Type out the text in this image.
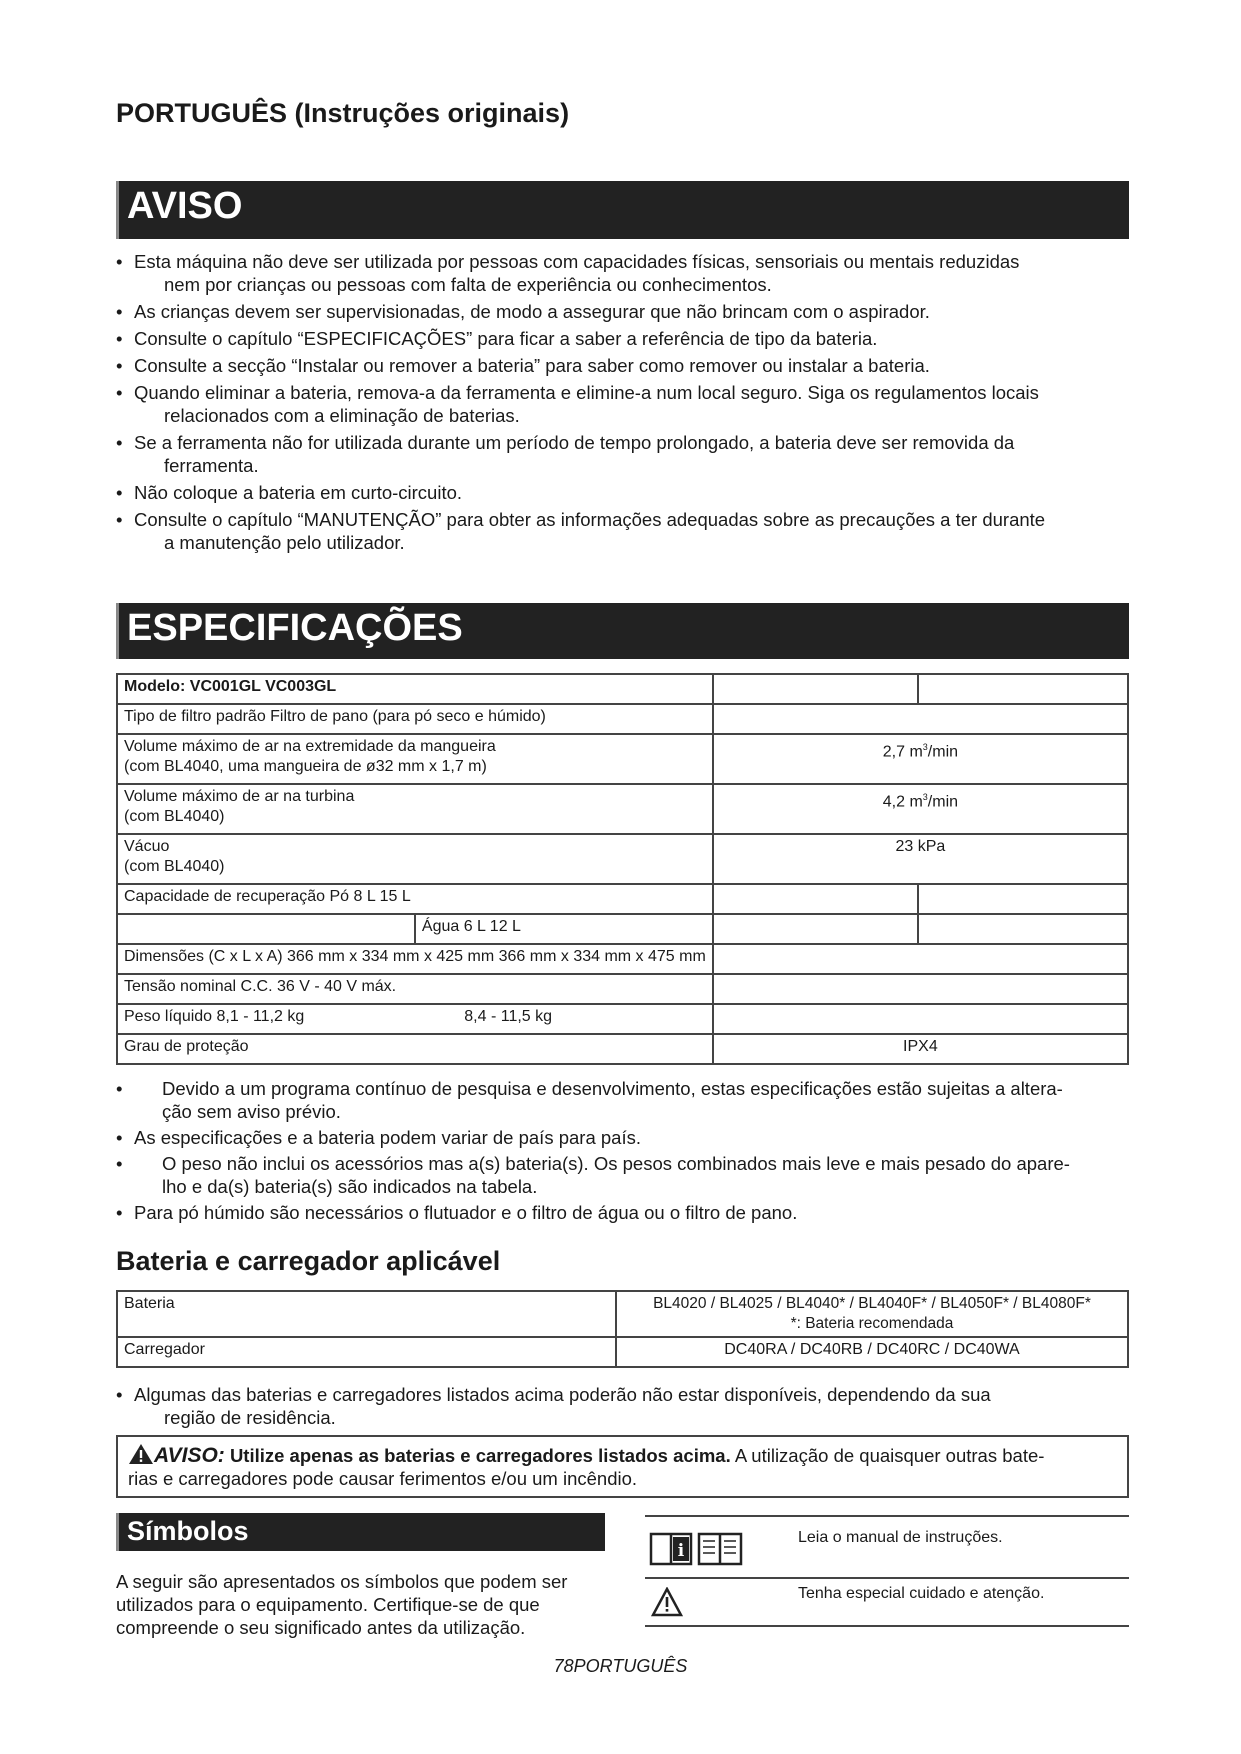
PORTUGUÊS (Instruções originais)
AVISO
• Esta máquina não deve ser utilizada por pessoas com capacidades físicas, sensoriais ou mentais reduzidas
nem por crianças ou pessoas com falta de experiência ou conhecimentos.
• As crianças devem ser supervisionadas, de modo a assegurar que não brincam com o aspirador.
• Consulte o capítulo “ESPECIFICAÇÕES” para ficar a saber a referência de tipo da bateria.
• Consulte a secção “Instalar ou remover a bateria” para saber como remover ou instalar a bateria.
• Quando eliminar a bateria, remova-a da ferramenta e elimine-a num local seguro. Siga os regulamentos locais
relacionados com a eliminação de baterias.
• Se a ferramenta não for utilizada durante um período de tempo prolongado, a bateria deve ser removida da
ferramenta.
• Não coloque a bateria em curto-circuito.
• Consulte o capítulo “MANUTENÇÃO” para obter as informações adequadas sobre as precauções a ter durante
a manutenção pelo utilizador.
ESPECIFICAÇÕES
Modelo: VC001GL VC003GL			
Tipo de filtro padrão Filtro de pano (para pó seco e húmido)			

Volume máximo de ar na extremidade da mangueira
(com BL4040, uma mangueira de ø32 mm x 1,7 m)		2,7 $m^3/\min$	

Volume máximo de ar na turbina
(com BL4040)		4,2 $m^3/\min$	

Vácuo
(com BL4040)		23 kPa	
Capacidade de recuperação Pó 8 L 15 L			
	Água 6 L 12 L		
Dimensões (C x L x A) 366 mm x 334 mm x 425 mm 366 mm x 334 mm x 475 mm			
Tensão nominal C.C. 36 V - 40 V máx.			
Peso líquido 8,1 - 11,2 kg 8,4 - 11,5 kg			
Grau de proteção		IPX4	
• Devido a um programa contínuo de pesquisa e desenvolvimento, estas especificações estão sujeitas a altera-
ção sem aviso prévio.
• As especificações e a bateria podem variar de país para país.
• O peso não inclui os acessórios mas a(s) bateria(s). Os pesos combinados mais leve e mais pesado do apare-
lho e da(s) bateria(s) são indicados na tabela.
• Para pó húmido são necessários o flutuador e o filtro de água ou o filtro de pano.
Bateria e carregador aplicável
Bateria	BL4020 / BL4025 / BL4040* / BL4040F* / BL4050F* / BL4080F*
*: Bateria recomendada

Carregador	DC40RA / DC40RB / DC40RC / DC40WA
• Algumas das baterias e carregadores listados acima poderão não estar disponíveis, dependendo da sua
região de residência.
AVISO: Utilize apenas as baterias e carregadores listados acima. A utilização de quaisquer outras bate-
rias e carregadores pode causar ferimentos e/ou um incêndio.
Símbolos
A seguir são apresentados os símbolos que podem ser
utilizados para o equipamento. Certifique-se de que
compreende o seu significado antes da utilização.
i
Leia o manual de instruções.
Tenha especial cuidado e atenção.
78PORTUGUÊS
